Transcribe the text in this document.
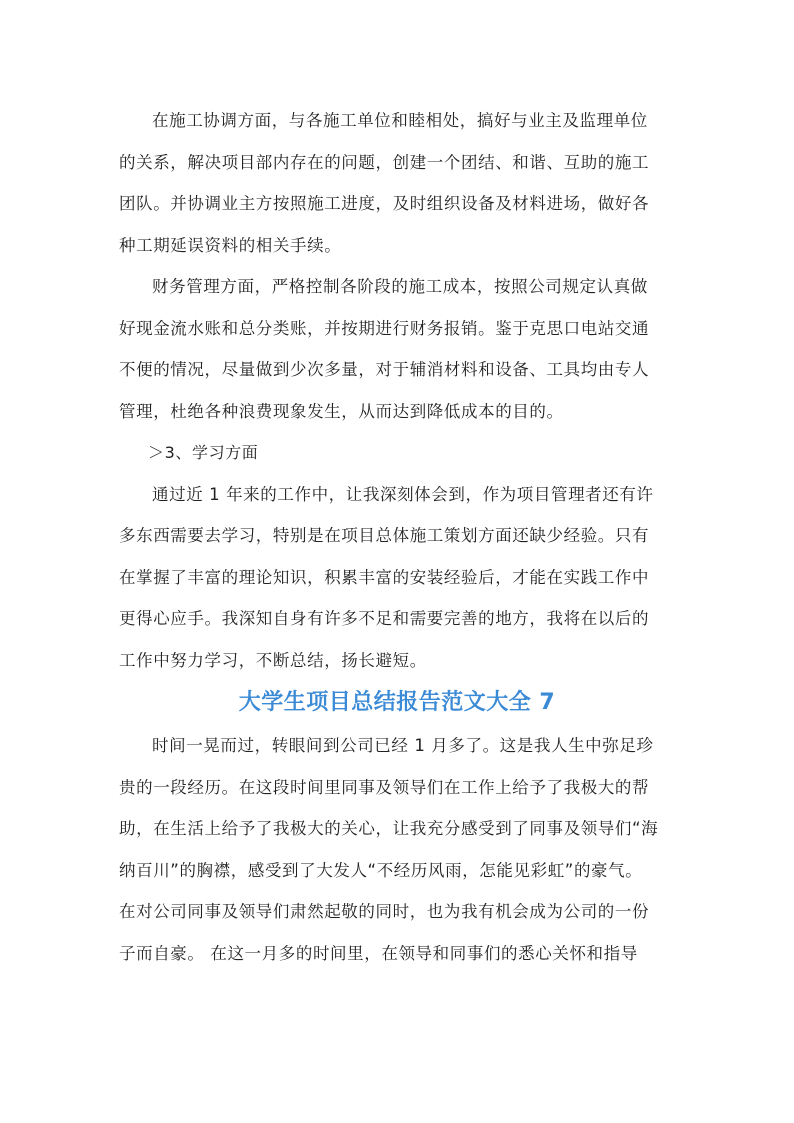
在施工协调方面，与各施工单位和睦相处，搞好与业主及监理单位
的关系，解决项目部内存在的问题，创建一个团结、和谐、互助的施工
团队。并协调业主方按照施工进度，及时组织设备及材料进场，做好各
种工期延误资料的相关手续。

财务管理方面，严格控制各阶段的施工成本，按照公司规定认真做
好现金流水账和总分类账，并按期进行财务报销。鉴于克思口电站交通
不便的情况，尽量做到少次多量，对于辅消材料和设备、工具均由专人
管理，杜绝各种浪费现象发生，从而达到降低成本的目的。

＞3、学习方面

通过近 1 年来的工作中，让我深刻体会到，作为项目管理者还有许
多东西需要去学习，特别是在项目总体施工策划方面还缺少经验。只有
在掌握了丰富的理论知识，积累丰富的安装经验后，才能在实践工作中
更得心应手。我深知自身有许多不足和需要完善的地方，我将在以后的
工作中努力学习，不断总结，扬长避短。

大学生项目总结报告范文大全 7

时间一晃而过，转眼间到公司已经 1 月多了。这是我人生中弥足珍
贵的一段经历。在这段时间里同事及领导们在工作上给予了我极大的帮
助，在生活上给予了我极大的关心，让我充分感受到了同事及领导们“海
纳百川”的胸襟，感受到了大发人“不经历风雨，怎能见彩虹”的豪气。
在对公司同事及领导们肃然起敬的同时，也为我有机会成为公司的一份
子而自豪。 在这一月多的时间里，在领导和同事们的悉心关怀和指导
